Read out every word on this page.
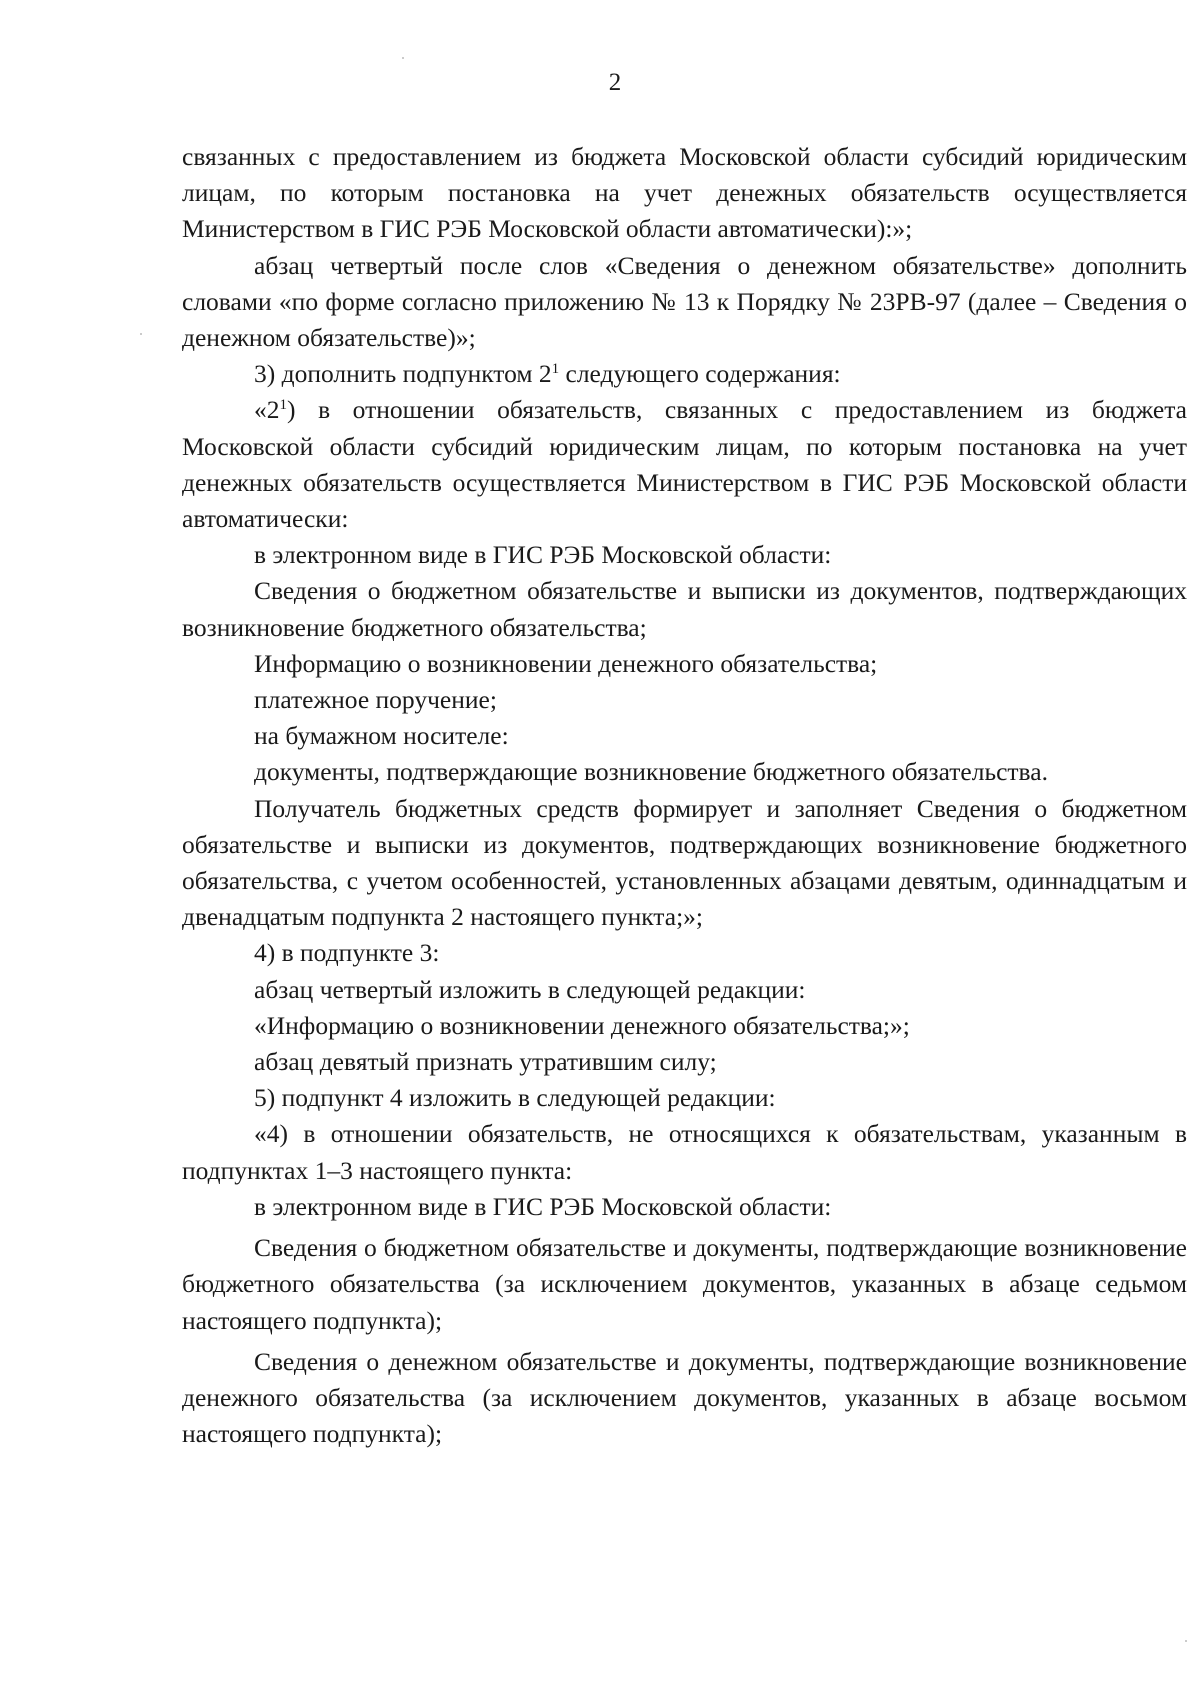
2

связанных с предоставлением из бюджета Московской области субсидий юридическим лицам, по которым постановка на учет денежных обязательств осуществляется Министерством в ГИС РЭБ Московской области автоматически):»;

абзац четвертый после слов «Сведения о денежном обязательстве» дополнить словами «по форме согласно приложению № 13 к Порядку № 23РВ-97 (далее – Сведения о денежном обязательстве)»;

3) дополнить подпунктом $2^1$ следующего содержания:

«$2^1$) в отношении обязательств, связанных с предоставлением из бюджета Московской области субсидий юридическим лицам, по которым постановка на учет денежных обязательств осуществляется Министерством в ГИС РЭБ Московской области автоматически:

в электронном виде в ГИС РЭБ Московской области:

Сведения о бюджетном обязательстве и выписки из документов, подтверждающих возникновение бюджетного обязательства;

Информацию о возникновении денежного обязательства;

платежное поручение;

на бумажном носителе:

документы, подтверждающие возникновение бюджетного обязательства.

Получатель бюджетных средств формирует и заполняет Сведения о бюджетном обязательстве и выписки из документов, подтверждающих возникновение бюджетного обязательства, с учетом особенностей, установленных абзацами девятым, одиннадцатым и двенадцатым подпункта 2 настоящего пункта;»;

4) в подпункте 3:

абзац четвертый изложить в следующей редакции:

«Информацию о возникновении денежного обязательства;»;

абзац девятый признать утратившим силу;

5) подпункт 4 изложить в следующей редакции:

«4) в отношении обязательств, не относящихся к обязательствам, указанным в подпунктах 1–3 настоящего пункта:

в электронном виде в ГИС РЭБ Московской области:

Сведения о бюджетном обязательстве и документы, подтверждающие возникновение бюджетного обязательства (за исключением документов, указанных в абзаце седьмом настоящего подпункта);

Сведения о денежном обязательстве и документы, подтверждающие возникновение денежного обязательства (за исключением документов, указанных в абзаце восьмом настоящего подпункта);
